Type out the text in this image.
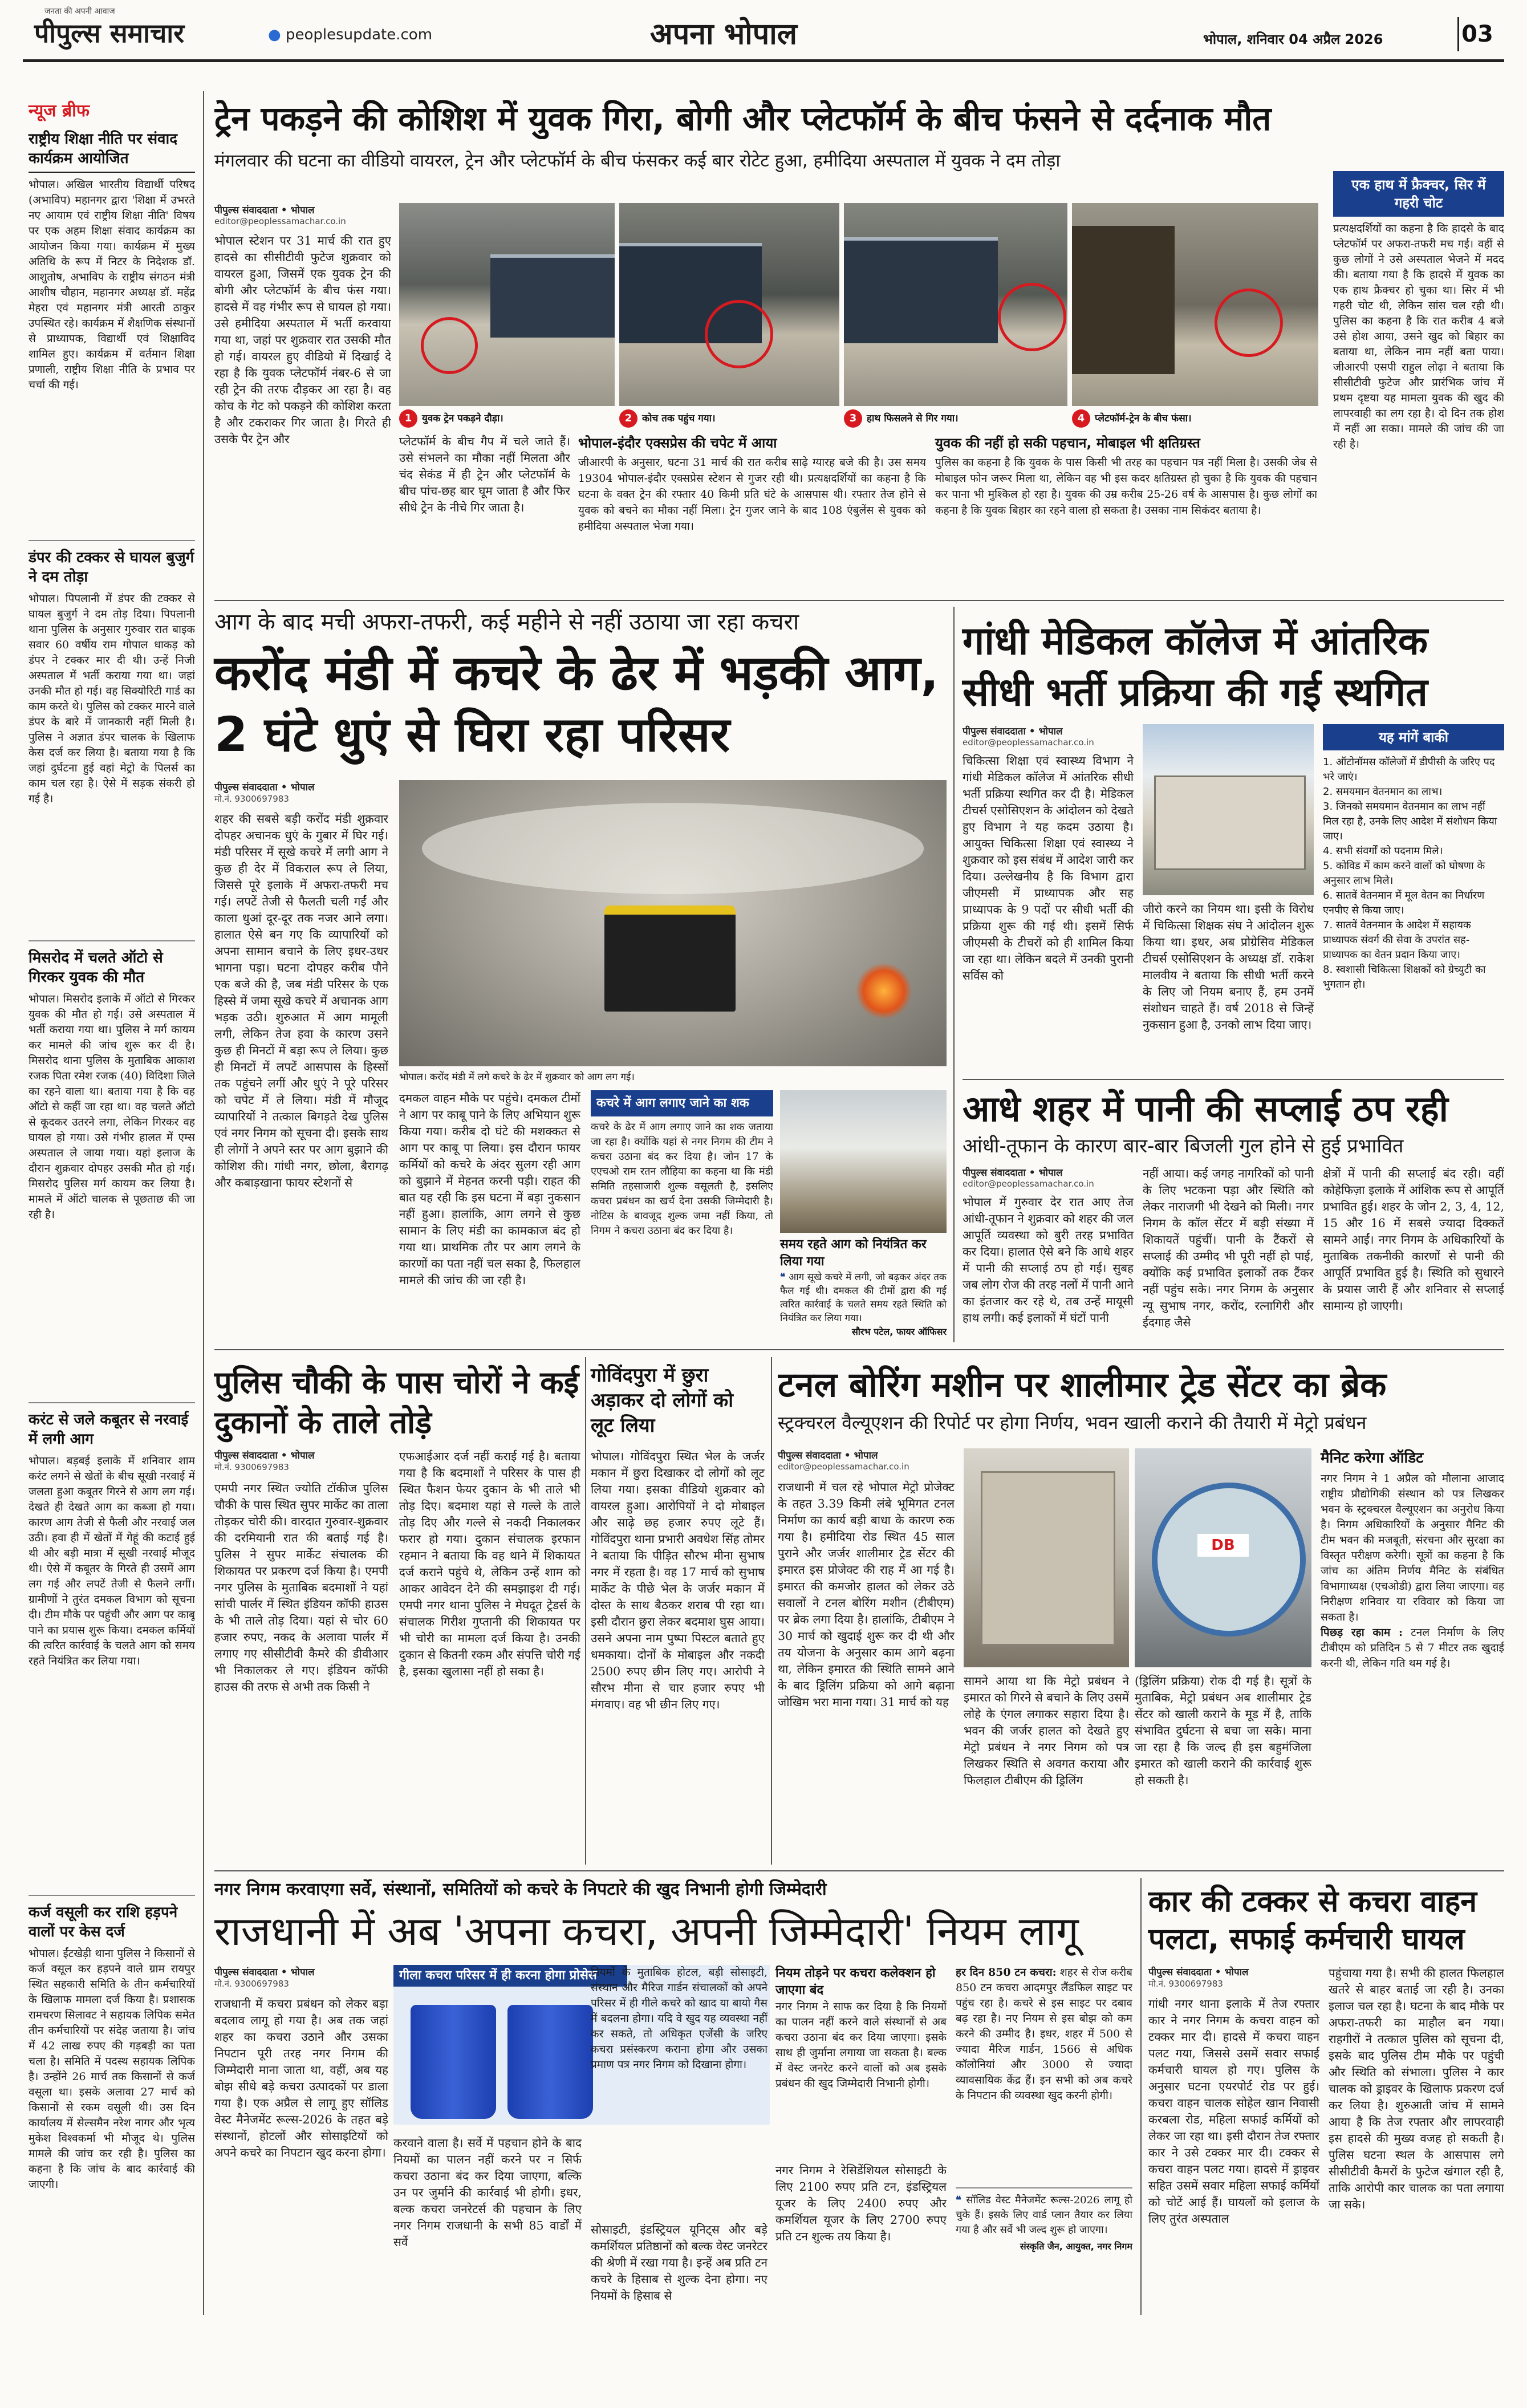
जनता की अपनी आवाज
पीपुल्स समाचार	● peoplesupdate.com	अपना भोपाल	भोपाल, शनिवार 04 अप्रैल 2026	03
न्यूज ब्रीफ
राष्ट्रीय शिक्षा नीति पर संवाद कार्यक्रम आयोजित
भोपाल। अखिल भारतीय विद्यार्थी परिषद (अभाविप) महानगर द्वारा 'शिक्षा में उभरते नए आयाम एवं राष्ट्रीय शिक्षा नीति' विषय पर एक अहम शिक्षा संवाद कार्यक्रम का आयोजन किया गया। कार्यक्रम में मुख्य अतिथि के रूप में निटर के निदेशक डॉ. आशुतोष, अभाविप के राष्ट्रीय संगठन मंत्री आशीष चौहान, महानगर अध्यक्ष डॉ. महेंद्र मेहरा एवं महानगर मंत्री आरती ठाकुर उपस्थित रहे। कार्यक्रम में शैक्षणिक संस्थानों से प्राध्यापक, विद्यार्थी एवं शिक्षाविद शामिल हुए। कार्यक्रम में वर्तमान शिक्षा प्रणाली, राष्ट्रीय शिक्षा नीति के प्रभाव पर चर्चा की गई।
डंपर की टक्कर से घायल बुजुर्ग ने दम तोड़ा
भोपाल। पिपलानी में डंपर की टक्कर से घायल बुजुर्ग ने दम तोड़ दिया। पिपलानी थाना पुलिस के अनुसार गुरुवार रात बाइक सवार 60 वर्षीय राम गोपाल धाकड़ को डंपर ने टक्कर मार दी थी। उन्हें निजी अस्पताल में भर्ती कराया गया था। जहां उनकी मौत हो गई। वह सिक्योरिटी गार्ड का काम करते थे। पुलिस को टक्कर मारने वाले डंपर के बारे में जानकारी नहीं मिली है। पुलिस ने अज्ञात डंपर चालक के खिलाफ केस दर्ज कर लिया है। बताया गया है कि जहां दुर्घटना हुई वहां मेट्रो के पिलर्स का काम चल रहा है। ऐसे में सड़क संकरी हो गई है।
मिसरोद में चलते ऑटो से गिरकर युवक की मौत
भोपाल। मिसरोद इलाके में ऑटो से गिरकर युवक की मौत हो गई। उसे अस्पताल में भर्ती कराया गया था। पुलिस ने मर्ग कायम कर मामले की जांच शुरू कर दी है। मिसरोद थाना पुलिस के मुताबिक आकाश रजक पिता रमेश रजक (40) विदिशा जिले का रहने वाला था। बताया गया है कि वह ऑटो से कहीं जा रहा था। वह चलते ऑटो से कूदकर उतरने लगा, लेकिन गिरकर वह घायल हो गया। उसे गंभीर हालत में एम्स अस्पताल ले जाया गया। यहां इलाज के दौरान शुक्रवार दोपहर उसकी मौत हो गई। मिसरोद पुलिस मर्ग कायम कर लिया है। मामले में ऑटो चालक से पूछताछ की जा रही है।
करंट से जले कबूतर से नरवाई में लगी आग
भोपाल। बड़बई इलाके में शनिवार शाम करंट लगने से खेतों के बीच सूखी नरवाई में जलता हुआ कबूतर गिरने से आग लग गई। देखते ही देखते आग का कब्जा हो गया। कारण आग तेजी से फैली और नरवाई जल उठी। हवा ही में खेतों में गेहूं की कटाई हुई थी और बड़ी मात्रा में सूखी नरवाई मौजूद थी। ऐसे में कबूतर के गिरते ही उसमें आग लग गई और लपटें तेजी से फैलने लगीं। ग्रामीणों ने तुरंत दमकल विभाग को सूचना दी। टीम मौके पर पहुंची और आग पर काबू पाने का प्रयास शुरू किया। दमकल कर्मियों की त्वरित कार्रवाई के चलते आग को समय रहते नियंत्रित कर लिया गया।
कर्ज वसूली कर राशि हड़पने वालों पर केस दर्ज
भोपाल। ईंटखेड़ी थाना पुलिस ने किसानों से कर्ज वसूल कर हड़पने वाले ग्राम रायपुर स्थित सहकारी समिति के तीन कर्मचारियों के खिलाफ मामला दर्ज किया है। प्रशासक रामचरण सिलावट ने सहायक लिपिक समेत तीन कर्मचारियों पर संदेह जताया है। जांच में 42 लाख रुपए की गड़बड़ी का पता चला है। समिति में पदस्थ सहायक लिपिक है। उन्होंने 26 मार्च तक किसानों से कर्ज वसूला था। इसके अलावा 27 मार्च को किसानों से रकम वसूली थी। उस दिन कार्यालय में सेल्समैन नरेश नागर और भृत्य मुकेश विश्वकर्मा भी मौजूद थे। पुलिस मामले की जांच कर रही है। पुलिस का कहना है कि जांच के बाद कार्रवाई की जाएगी।
ट्रेन पकड़ने की कोशिश में युवक गिरा, बोगी और प्लेटफॉर्म के बीच फंसने से दर्दनाक मौत
मंगलवार की घटना का वीडियो वायरल, ट्रेन और प्लेटफॉर्म के बीच फंसकर कई बार रोटेट हुआ, हमीदिया अस्पताल में युवक ने दम तोड़ा
पीपुल्स संवाददाता • भोपाल
editor@peoplessamachar.co.in
भोपाल स्टेशन पर 31 मार्च की रात हुए हादसे का सीसीटीवी फुटेज शुक्रवार को वायरल हुआ, जिसमें एक युवक ट्रेन की बोगी और प्लेटफॉर्म के बीच फंस गया। हादसे में वह गंभीर रूप से घायल हो गया। उसे हमीदिया अस्पताल में भर्ती करवाया गया था, जहां पर शुक्रवार रात उसकी मौत हो गई। वायरल हुए वीडियो में दिखाई दे रहा है कि युवक प्लेटफॉर्म नंबर-6 से जा रही ट्रेन की तरफ दौड़कर आ रहा है। वह कोच के गेट को पकड़ने की कोशिश करता है और टकराकर गिर जाता है। गिरते ही उसके पैर ट्रेन और
1 युवक ट्रेन पकड़ने दौड़ा।	2 कोच तक पहुंच गया।	3 हाथ फिसलने से गिर गया।	4 प्लेटफॉर्म-ट्रेन के बीच फंसा।
प्लेटफॉर्म के बीच गैप में चले जाते हैं। उसे संभलने का मौका नहीं मिलता और चंद सेकंड में ही ट्रेन और प्लेटफॉर्म के बीच पांच-छह बार घूम जाता है और फिर सीधे ट्रेन के नीचे गिर जाता है।
भोपाल-इंदौर एक्सप्रेस की चपेट में आया
जीआरपी के अनुसार, घटना 31 मार्च की रात करीब साढ़े ग्यारह बजे की है। उस समय 19304 भोपाल-इंदौर एक्सप्रेस स्टेशन से गुजर रही थी। प्रत्यक्षदर्शियों का कहना है कि घटना के वक्त ट्रेन की रफ्तार 40 किमी प्रति घंटे के आसपास थी। रफ्तार तेज होने से युवक को बचने का मौका नहीं मिला। ट्रेन गुजर जाने के बाद 108 एंबुलेंस से युवक को हमीदिया अस्पताल भेजा गया।
युवक की नहीं हो सकी पहचान, मोबाइल भी क्षतिग्रस्त
पुलिस का कहना है कि युवक के पास किसी भी तरह का पहचान पत्र नहीं मिला है। उसकी जेब से मोबाइल फोन जरूर मिला था, लेकिन वह भी इस कदर क्षतिग्रस्त हो चुका है कि युवक की पहचान कर पाना भी मुश्किल हो रहा है। युवक की उम्र करीब 25-26 वर्ष के आसपास है। कुछ लोगों का कहना है कि युवक बिहार का रहने वाला हो सकता है। उसका नाम सिकंदर बताया है।
एक हाथ में फ्रैक्चर, सिर में गहरी चोट
प्रत्यक्षदर्शियों का कहना है कि हादसे के बाद प्लेटफॉर्म पर अफरा-तफरी मच गई। वहीं से कुछ लोगों ने उसे अस्पताल भेजने में मदद की। बताया गया है कि हादसे में युवक का एक हाथ फ्रैक्चर हो चुका था। सिर में भी गहरी चोट थी, लेकिन सांस चल रही थी। पुलिस का कहना है कि रात करीब 4 बजे उसे होश आया, उसने खुद को बिहार का बताया था, लेकिन नाम नहीं बता पाया। जीआरपी एसपी राहुल लोढ़ा ने बताया कि सीसीटीवी फुटेज और प्रारंभिक जांच में प्रथम दृष्टया यह मामला युवक की खुद की लापरवाही का लग रहा है। दो दिन तक होश में नहीं आ सका। मामले की जांच की जा रही है।
आग के बाद मची अफरा-तफरी, कई महीने से नहीं उठाया जा रहा कचरा
करोंद मंडी में कचरे के ढेर में भड़की आग, 2 घंटे धुएं से घिरा रहा परिसर
पीपुल्स संवाददाता • भोपाल
मो.नं. 9300697983
शहर की सबसे बड़ी करोंद मंडी शुक्रवार दोपहर अचानक धुएं के गुबार में घिर गई। मंडी परिसर में सूखे कचरे में लगी आग ने कुछ ही देर में विकराल रूप ले लिया, जिससे पूरे इलाके में अफरा-तफरी मच गई। लपटें तेजी से फैलती चली गईं और काला धुआं दूर-दूर तक नजर आने लगा। हालात ऐसे बन गए कि व्यापारियों को अपना सामान बचाने के लिए इधर-उधर भागना पड़ा। घटना दोपहर करीब पौने एक बजे की है, जब मंडी परिसर के एक हिस्से में जमा सूखे कचरे में अचानक आग भड़क उठी। शुरुआत में आग मामूली लगी, लेकिन तेज हवा के कारण उसने कुछ ही मिनटों में बड़ा रूप ले लिया। कुछ ही मिनटों में लपटें आसपास के हिस्सों तक पहुंचने लगीं और धुएं ने पूरे परिसर को चपेट में ले लिया। मंडी में मौजूद व्यापारियों ने तत्काल बिगड़ते देख पुलिस एवं नगर निगम को सूचना दी। इसके साथ ही लोगों ने अपने स्तर पर आग बुझाने की कोशिश की। गांधी नगर, छोला, बैरागढ़ और कबाड़खाना फायर स्टेशनों से
भोपाल। करोंद मंडी में लगे कचरे के ढेर में शुक्रवार को आग लग गई।
दमकल वाहन मौके पर पहुंचे। दमकल टीमों ने आग पर काबू पाने के लिए अभियान शुरू किया गया। करीब दो घंटे की मशक्कत से आग पर काबू पा लिया। इस दौरान फायर कर्मियों को कचरे के अंदर सुलग रही आग को बुझाने में मेहनत करनी पड़ी। राहत की बात यह रही कि इस घटना में बड़ा नुकसान नहीं हुआ। हालांकि, आग लगने से कुछ सामान के लिए मंडी का कामकाज बंद हो गया था। प्राथमिक तौर पर आग लगने के कारणों का पता नहीं चल सका है, फिलहाल मामले की जांच की जा रही है।
कचरे में आग लगाए जाने का शक
कचरे के ढेर में आग लगाए जाने का शक जताया जा रहा है। क्योंकि यहां से नगर निगम की टीम ने कचरा उठाना बंद कर दिया है। जोन 17 के एएचओ राम रतन लौहिया का कहना था कि मंडी समिति तहसाजारी शुल्क वसूलती है, इसलिए कचरा प्रबंधन का खर्च देना उसकी जिम्मेदारी है। नोटिस के बावजूद शुल्क जमा नहीं किया, तो निगम ने कचरा उठाना बंद कर दिया है।
समय रहते आग को नियंत्रित कर लिया गया
❝ आग सूखे कचरे में लगी, जो बढ़कर अंदर तक फैल गई थी। दमकल की टीमों द्वारा की गई त्वरित कार्रवाई के चलते समय रहते स्थिति को नियंत्रित कर लिया गया।
सौरभ पटेल, फायर ऑफिसर
गांधी मेडिकल कॉलेज में आंतरिक सीधी भर्ती प्रक्रिया की गई स्थगित
पीपुल्स संवाददाता • भोपाल
editor@peoplessamachar.co.in
चिकित्सा शिक्षा एवं स्वास्थ्य विभाग ने गांधी मेडिकल कॉलेज में आंतरिक सीधी भर्ती प्रक्रिया स्थगित कर दी है। मेडिकल टीचर्स एसोसिएशन के आंदोलन को देखते हुए विभाग ने यह कदम उठाया है। आयुक्त चिकित्सा शिक्षा एवं स्वास्थ्य ने शुक्रवार को इस संबंध में आदेश जारी कर दिया। उल्लेखनीय है कि विभाग द्वारा जीएमसी में प्राध्यापक और सह प्राध्यापक के 9 पदों पर सीधी भर्ती की प्रक्रिया शुरू की गई थी। इसमें सिर्फ जीएमसी के टीचरों को ही शामिल किया जा रहा था। लेकिन बदले में उनकी पुरानी सर्विस को
जीरो करने का नियम था। इसी के विरोध में चिकित्सा शिक्षक संघ ने आंदोलन शुरू किया था। इधर, अब प्रोग्रेसिव मेडिकल टीचर्स एसोसिएशन के अध्यक्ष डॉ. राकेश मालवीय ने बताया कि सीधी भर्ती करने के लिए जो नियम बनाए हैं, हम उनमें संशोधन चाहते हैं। वर्ष 2018 से जिन्हें नुकसान हुआ है, उनको लाभ दिया जाए।
यह मांगें बाकी
1. ऑटोनॉमस कॉलेजों में डीपीसी के जरिए पद भरे जाएं।
2. समयमान वेतनमान का लाभ।
3. जिनको समयमान वेतनमान का लाभ नहीं मिल रहा है, उनके लिए आदेश में संशोधन किया जाए।
4. सभी संवर्गों को पदनाम मिले।
5. कोविड में काम करने वालों को घोषणा के अनुसार लाभ मिले।
6. सातवें वेतनमान में मूल वेतन का निर्धारण एनपीए से किया जाए।
7. सातवें वेतनमान के आदेश में सहायक प्राध्यापक संवर्ग की सेवा के उपरांत सह-प्राध्यापक का वेतन प्रदान किया जाए।
8. स्वशासी चिकित्सा शिक्षकों को ग्रेच्युटी का भुगतान हो।
आधे शहर में पानी की सप्लाई ठप रही
आंधी-तूफान के कारण बार-बार बिजली गुल होने से हुई प्रभावित
पीपुल्स संवाददाता • भोपाल
editor@peoplessamachar.co.in
भोपाल में गुरुवार देर रात आए तेज आंधी-तूफान ने शुक्रवार को शहर की जल आपूर्ति व्यवस्था को बुरी तरह प्रभावित कर दिया। हालात ऐसे बने कि आधे शहर में पानी की सप्लाई ठप हो गई। सुबह जब लोग रोज की तरह नलों में पानी आने का इंतजार कर रहे थे, तब उन्हें मायूसी हाथ लगी। कई इलाकों में घंटों पानी
नहीं आया। कई जगह नागरिकों को पानी के लिए भटकना पड़ा और स्थिति को लेकर नाराजगी भी देखने को मिली। नगर निगम के कॉल सेंटर में बड़ी संख्या में शिकायतें पहुंचीं। पानी के टैंकरों से सप्लाई की उम्मीद भी पूरी नहीं हो पाई, क्योंकि कई प्रभावित इलाकों तक टैंकर नहीं पहुंच सके। नगर निगम के अनुसार न्यू सुभाष नगर, करोंद, रत्नागिरी और ईदगाह जैसे
क्षेत्रों में पानी की सप्लाई बंद रही। वहीं कोहेफिज़ा इलाके में आंशिक रूप से आपूर्ति प्रभावित हुई। शहर के जोन 2, 3, 4, 12, 15 और 16 में सबसे ज्यादा दिक्कतें सामने आईं। नगर निगम के अधिकारियों के मुताबिक तकनीकी कारणों से पानी की आपूर्ति प्रभावित हुई है। स्थिति को सुधारने के प्रयास जारी हैं और शनिवार से सप्लाई सामान्य हो जाएगी।
पुलिस चौकी के पास चोरों ने कई दुकानों के ताले तोड़े
पीपुल्स संवाददाता • भोपाल
मो.नं. 9300697983
एमपी नगर स्थित ज्योति टॉकीज पुलिस चौकी के पास स्थित सुपर मार्केट का ताला तोड़कर चोरी की। वारदात गुरुवार-शुक्रवार की दरमियानी रात की बताई गई है। पुलिस ने सुपर मार्केट संचालक की शिकायत पर प्रकरण दर्ज किया है। एमपी नगर पुलिस के मुताबिक बदमाशों ने यहां सांची पार्लर में स्थित इंडियन कॉफी हाउस के भी ताले तोड़ दिया। यहां से चोर 60 हजार रुपए, नकद के अलावा पार्लर में लगाए गए सीसीटीवी कैमरे की डीवीआर भी निकालकर ले गए। इंडियन कॉफी हाउस की तरफ से अभी तक किसी ने
एफआईआर दर्ज नहीं कराई गई है। बताया गया है कि बदमाशों ने परिसर के पास ही स्थित फैशन फेयर दुकान के भी ताले भी तोड़ दिए। बदमाश यहां से गल्ले के ताले तोड़ दिए और गल्ले से नकदी निकालकर फरार हो गया। दुकान संचालक इरफान रहमान ने बताया कि वह थाने में शिकायत दर्ज कराने पहुंचे थे, लेकिन उन्हें शाम को आकर आवेदन देने की समझाइश दी गई। एमपी नगर थाना पुलिस ने मेघदूत ट्रेडर्स के संचालक गिरीश गुप्तानी की शिकायत पर भी चोरी का मामला दर्ज किया है। उनकी दुकान से कितनी रकम और संपत्ति चोरी गई है, इसका खुलासा नहीं हो सका है।
गोविंदपुरा में छुरा अड़ाकर दो लोगों को लूट लिया
भोपाल। गोविंदपुरा स्थित भेल के जर्जर मकान में छुरा दिखाकर दो लोगों को लूट लिया गया। इसका वीडियो शुक्रवार को वायरल हुआ। आरोपियों ने दो मोबाइल और साढ़े छह हजार रुपए लूटे हैं। गोविंदपुरा थाना प्रभारी अवधेश सिंह तोमर ने बताया कि पीड़ित सौरभ मीना सुभाष नगर में रहता है। वह 17 मार्च को सुभाष मार्केट के पीछे भेल के जर्जर मकान में दोस्त के साथ बैठकर शराब पी रहा था। इसी दौरान छुरा लेकर बदमाश घुस आया। उसने अपना नाम पुष्पा पिस्टल बताते हुए धमकाया। दोनों के मोबाइल और नकदी 2500 रुपए छीन लिए गए। आरोपी ने सौरभ मीना से चार हजार रुपए भी मंगवाए। वह भी छीन लिए गए।
टनल बोरिंग मशीन पर शालीमार ट्रेड सेंटर का ब्रेक
स्ट्रक्चरल वैल्यूएशन की रिपोर्ट पर होगा निर्णय, भवन खाली कराने की तैयारी में मेट्रो प्रबंधन
पीपुल्स संवाददाता • भोपाल
editor@peoplessamachar.co.in
राजधानी में चल रहे भोपाल मेट्रो प्रोजेक्ट के तहत 3.39 किमी लंबे भूमिगत टनल निर्माण का कार्य बड़ी बाधा के कारण रुक गया है। हमीदिया रोड स्थित 45 साल पुराने और जर्जर शालीमार ट्रेड सेंटर की इमारत इस प्रोजेक्ट की राह में आ गई है। इमारत की कमजोर हालत को लेकर उठे सवालों ने टनल बोरिंग मशीन (टीबीएम) पर ब्रेक लगा दिया है। हालांकि, टीबीएम ने 30 मार्च को खुदाई शुरू कर दी थी और तय योजना के अनुसार काम आगे बढ़ना था, लेकिन इमारत की स्थिति सामने आने के बाद ड्रिलिंग प्रक्रिया को आगे बढ़ाना जोखिम भरा माना गया। 31 मार्च को यह
DB
सामने आया था कि मेट्रो प्रबंधन ने इमारत को गिरने से बचाने के लिए उसमें लोहे के एंगल लगाकर सहारा दिया है। भवन की जर्जर हालत को देखते हुए मेट्रो प्रबंधन ने नगर निगम को पत्र लिखकर स्थिति से अवगत कराया और फिलहाल टीबीएम की ड्रिलिंग
(ड्रिलिंग प्रक्रिया) रोक दी गई है। सूत्रों के मुताबिक, मेट्रो प्रबंधन अब शालीमार ट्रेड सेंटर को खाली कराने के मूड में है, ताकि संभावित दुर्घटना से बचा जा सके। माना जा रहा है कि जल्द ही इस बहुमंजिला इमारत को खाली कराने की कार्रवाई शुरू हो सकती है।
मैनिट करेगा ऑडिट
नगर निगम ने 1 अप्रैल को मौलाना आजाद राष्ट्रीय प्रौद्योगिकी संस्थान को पत्र लिखकर भवन के स्ट्रक्चरल वैल्यूएशन का अनुरोध किया है। निगम अधिकारियों के अनुसार मैनिट की टीम भवन की मजबूती, संरचना और सुरक्षा का विस्तृत परीक्षण करेगी। सूत्रों का कहना है कि जांच का अंतिम निर्णय मैनिट के संबंधित विभागाध्यक्ष (एचओडी) द्वारा लिया जाएगा। वह निरीक्षण शनिवार या रविवार को किया जा सकता है।
पिछड़ रहा काम : टनल निर्माण के लिए टीबीएम को प्रतिदिन 5 से 7 मीटर तक खुदाई करनी थी, लेकिन गति थम गई है।
नगर निगम करवाएगा सर्वे, संस्थानों, समितियों को कचरे के निपटारे की खुद निभानी होगी जिम्मेदारी
राजधानी में अब 'अपना कचरा, अपनी जिम्मेदारी' नियम लागू
पीपुल्स संवाददाता • भोपाल
मो.नं. 9300697983
राजधानी में कचरा प्रबंधन को लेकर बड़ा बदलाव लागू हो गया है। अब तक जहां शहर का कचरा उठाने और उसका निपटान पूरी तरह नगर निगम की जिम्मेदारी माना जाता था, वहीं, अब यह बोझ सीधे बड़े कचरा उत्पादकों पर डाला गया है। एक अप्रैल से लागू हुए सॉलिड वेस्ट मैनेजमेंट रूल्स-2026 के तहत बड़े संस्थानों, होटलों और सोसाइटियों को अपने कचरे का निपटान खुद करना होगा।
गीला कचरा परिसर में ही करना होगा प्रोसेस
नियमों के मुताबिक होटल, बड़ी सोसाइटी, संस्थान और मैरिज गार्डन संचालकों को अपने परिसर में ही गीले कचरे को खाद या बायो गैस में बदलना होगा। यदि वे खुद यह व्यवस्था नहीं कर सकते, तो अधिकृत एजेंसी के जरिए कचरा प्रसंस्करण कराना होगा और उसका प्रमाण पत्र नगर निगम को दिखाना होगा।
करवाने वाला है। सर्वे में पहचान होने के बाद नियमों का पालन नहीं करने पर न सिर्फ कचरा उठाना बंद कर दिया जाएगा, बल्कि उन पर जुर्माने की कार्रवाई भी होगी। इधर, बल्क कचरा जनरेटर्स की पहचान के लिए नगर निगम राजधानी के सभी 85 वार्डों में सर्वे
सोसाइटी, इंडस्ट्रियल यूनिट्स और बड़े कमर्शियल प्रतिष्ठानों को बल्क वेस्ट जनरेटर की श्रेणी में रखा गया है। इन्हें अब प्रति टन कचरे के हिसाब से शुल्क देना होगा। नए नियमों के हिसाब से
नियम तोड़ने पर कचरा कलेक्शन हो जाएगा बंद
नगर निगम ने साफ कर दिया है कि नियमों का पालन नहीं करने वाले संस्थानों से अब कचरा उठाना बंद कर दिया जाएगा। इसके साथ ही जुर्माना लगाया जा सकता है। बल्क में वेस्ट जनरेट करने वालों को अब इसके प्रबंधन की खुद जिम्मेदारी निभानी होगी।
नगर निगम ने रेसिडेंशियल सोसाइटी के लिए 2100 रुपए प्रति टन, इंडस्ट्रियल यूजर के लिए 2400 रुपए और कमर्शियल यूजर के लिए 2700 रुपए प्रति टन शुल्क तय किया है।
हर दिन 850 टन कचरा: शहर से रोज करीब 850 टन कचरा आदमपुर लैंडफिल साइट पर पहुंच रहा है। कचरे से इस साइट पर दबाव बढ़ रहा है। नए नियम से इस बोझ को कम करने की उम्मीद है। इधर, शहर में 500 से ज्यादा मैरिज गार्डन, 1566 से अधिक कॉलोनियां और 3000 से ज्यादा व्यावसायिक केंद्र हैं। इन सभी को अब कचरे के निपटान की व्यवस्था खुद करनी होगी।
❝ सॉलिड वेस्ट मैनेजमेंट रूल्स-2026 लागू हो चुके हैं। इसके लिए वार्ड प्लान तैयार कर लिया गया है और सर्वे भी जल्द शुरू हो जाएगा।
संस्कृति जैन, आयुक्त, नगर निगम
कार की टक्कर से कचरा वाहन पलटा, सफाई कर्मचारी घायल
पीपुल्स संवाददाता • भोपाल
मो.नं. 9300697983
गांधी नगर थाना इलाके में तेज रफ्तार कार ने नगर निगम के कचरा वाहन को टक्कर मार दी। हादसे में कचरा वाहन पलट गया, जिससे उसमें सवार सफाई कर्मचारी घायल हो गए। पुलिस के अनुसार घटना एयरपोर्ट रोड पर हुई। कचरा वाहन चालक सोहेल खान निवासी करबला रोड, महिला सफाई कर्मियों को लेकर जा रहा था। इसी दौरान तेज रफ्तार कार ने उसे टक्कर मार दी। टक्कर से कचरा वाहन पलट गया। हादसे में ड्राइवर सहित उसमें सवार महिला सफाई कर्मियों को चोटें आई हैं। घायलों को इलाज के लिए तुरंत अस्पताल
पहुंचाया गया है। सभी की हालत फिलहाल खतरे से बाहर बताई जा रही है। उनका इलाज चल रहा है। घटना के बाद मौके पर अफरा-तफरी का माहौल बन गया। राहगीरों ने तत्काल पुलिस को सूचना दी, इसके बाद पुलिस टीम मौके पर पहुंची और स्थिति को संभाला। पुलिस ने कार चालक को ड्राइवर के खिलाफ प्रकरण दर्ज कर लिया है। शुरुआती जांच में सामने आया है कि तेज रफ्तार और लापरवाही इस हादसे की मुख्य वजह हो सकती है। पुलिस घटना स्थल के आसपास लगे सीसीटीवी कैमरों के फुटेज खंगाल रही है, ताकि आरोपी कार चालक का पता लगाया जा सके।
